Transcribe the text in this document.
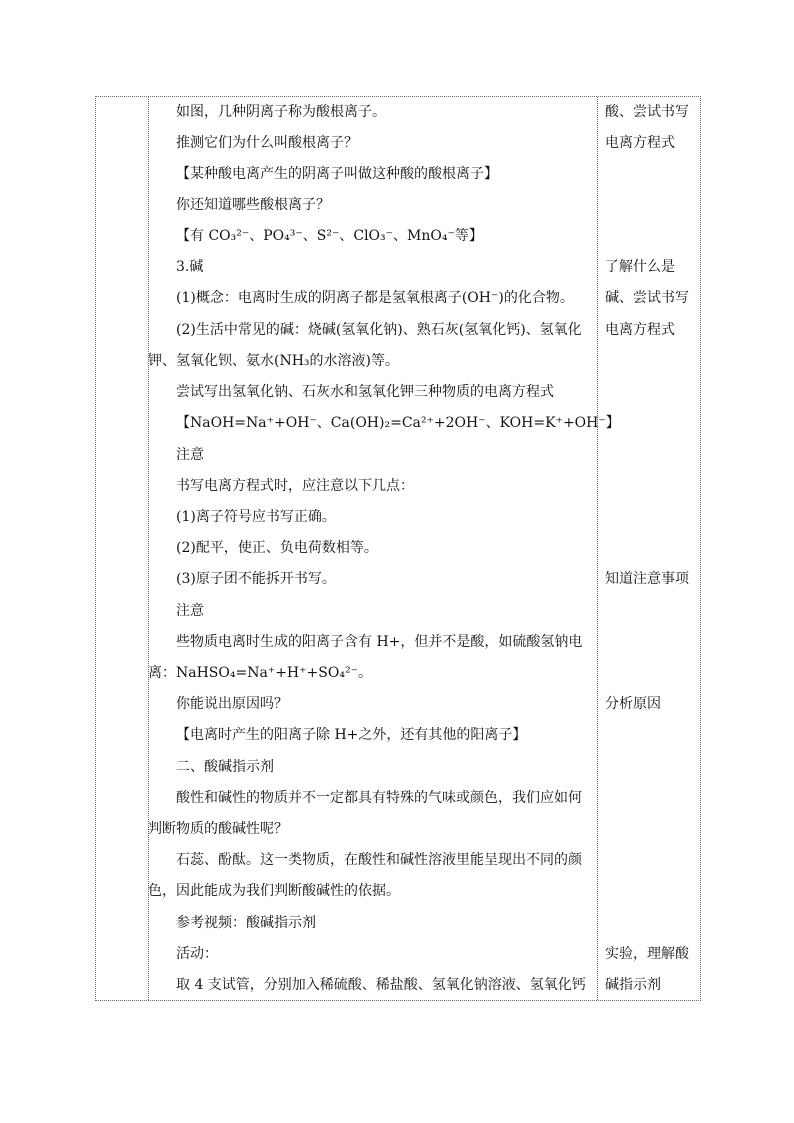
如图，几种阴离子称为酸根离子。
推测它们为什么叫酸根离子？
【某种酸电离产生的阴离子叫做这种酸的酸根离子】
你还知道哪些酸根离子？
【有 CO₃²⁻、PO₄³⁻、S²⁻、ClO₃⁻、MnO₄⁻等】
3.碱
(1)概念：电离时生成的阴离子都是氢氧根离子(OH⁻)的化合物。
(2)生活中常见的碱：烧碱(氢氧化钠)、熟石灰(氢氧化钙)、氢氧化
钾、氢氧化钡、氨水(NH₃的水溶液)等。
尝试写出氢氧化钠、石灰水和氢氧化钾三种物质的电离方程式
【NaOH=Na⁺+OH⁻、Ca(OH)₂=Ca²⁺+2OH⁻、KOH=K⁺+OH⁻】
注意
书写电离方程式时，应注意以下几点：
(1)离子符号应书写正确。
(2)配平，使正、负电荷数相等。
(3)原子团不能拆开书写。
注意
些物质电离时生成的阳离子含有 H+，但并不是酸，如硫酸氢钠电
离：NaHSO₄=Na⁺+H⁺+SO₄²⁻。
你能说出原因吗？
【电离时产生的阳离子除 H+之外，还有其他的阳离子】
二、酸碱指示剂
酸性和碱性的物质并不一定都具有特殊的气味或颜色，我们应如何
判断物质的酸碱性呢？
石蕊、酚酞。这一类物质，在酸性和碱性溶液里能呈现出不同的颜
色，因此能成为我们判断酸碱性的依据。
参考视频：酸碱指示剂
活动：
取 4 支试管，分别加入稀硫酸、稀盐酸、氢氧化钠溶液、氢氧化钙
酸、尝试书写
电离方程式
了解什么是
碱、尝试书写
电离方程式
知道注意事项
分析原因
实验，理解酸
碱指示剂
